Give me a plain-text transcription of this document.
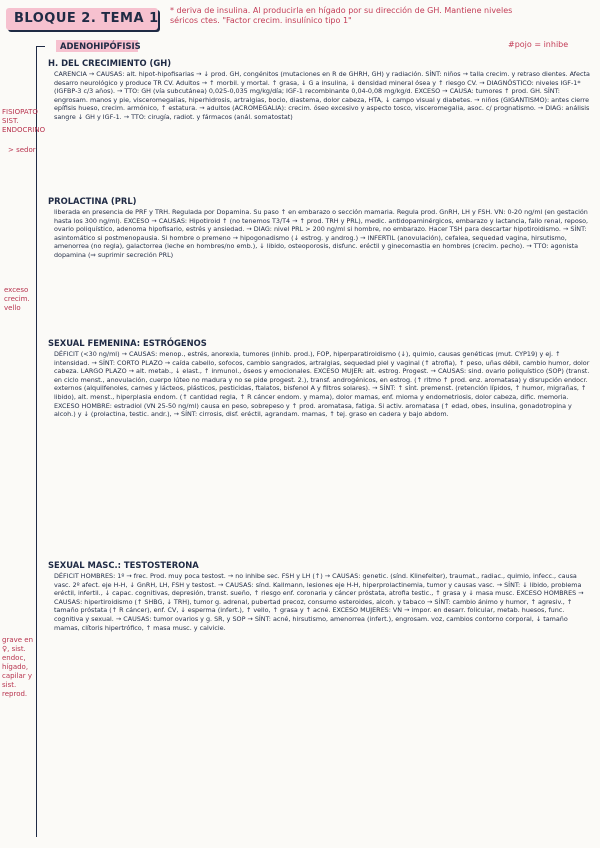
BLOQUE 2. TEMA 1
* deriva de insulina. Al producirla en hígado por su dirección de GH. Mantiene niveles séricos ctes. "Factor crecim. insulínico tipo 1"
#pojo = inhibe
ADENOHIPÓFISIS
FISIOPATO SIST. ENDOCRINO
> sedor
exceso crecim. vello
grave en ♀, sist. endoc, hígado, capilar y sist. reprod.
H. DEL CRECIMIENTO (GH)
CARENCIA → CAUSAS: alt. hipot-hipofisarias → ↓ prod. GH, congénitos (mutaciones en R de GHRH, GH) y radiación. SÍNT: niños → talla crecim. y retraso dientes. Afecta desarro neurológico y produce TR CV. Adultos → ↑ morbil. y mortal. ↑ grasa, ↓ G a insulina, ↓ densidad mineral ósea y ↑ riesgo CV. → DIAGNÓSTICO: niveles IGF-1* (IGFBP-3 c/3 años). → TTO: GH (vía subcutánea) 0,025-0,035 mg/kg/día; IGF-1 recombinante 0,04-0,08 mg/kg/d. EXCESO → CAUSA: tumores ↑ prod. GH. SÍNT: engrosam. manos y pie, visceromegalias, hiperhidrosis, artralgias, bocio, diastema, dolor cabeza, HTA, ↓ campo visual y diabetes. → niños (GIGANTISMO): antes cierre epífisis hueso, crecim. armónico, ↑ estatura. → adultos (ACROMEGALIA): crecim. óseo excesivo y aspecto tosco, visceromegalia, asoc. c/ prognatismo. → DIAG: análisis sangre ↓ GH y IGF-1. → TTO: cirugía, radiot. y fármacos (anál. somatostat)
PROLACTINA (PRL)
liberada en presencia de PRF y TRH. Regulada por Dopamina. Su paso ↑ en embarazo o sección mamaria. Regula prod. GnRH, LH y FSH. VN: 0-20 ng/ml (en gestación hasta los 300 ng/ml). EXCESO → CAUSAS: Hipotiroid ↑ (no tenemos T3/T4 → ↑ prod. TRH y PRL), medic. antidopaminérgicos, embarazo y lactancia, fallo renal, reposo, ovario poliquístico, adenoma hipofisario, estrés y ansiedad. → DIAG: nivel PRL > 200 ng/ml si hombre, no embarazo. Hacer TSH para descartar hipotiroidismo. → SÍNT: asintomático si postmenopausia. Si hombre o premeno → hipogonadismo (↓ estrog. y androg.) → INFERTIL (anovulación), cefalea, sequedad vagina, hirsutismo, amenorrea (no regla), galactorrea (leche en hombres/no emb.), ↓ libido, osteoporosis, disfunc. eréctil y ginecomastia en hombres (crecim. pecho). → TTO: agonista dopamina (⇒ suprimir secreción PRL)
SEXUAL FEMENINA: ESTRÓGENOS
DÉFICIT (<30 ng/ml) → CAUSAS: menop., estrés, anorexia, tumores (inhib. prod.), FOP, hiperparatiroidismo (↓), quimio, causas genéticas (mut. CYP19) y ej. ↑ intensidad. → SÍNT: CORTO PLAZO → caída cabello, sofocos, cambio sangrados, artralgias, sequedad piel y vaginal (↑ atrofia), ↑ peso, uñas débil, cambio humor, dolor cabeza. LARGO PLAZO → alt. metab., ↓ elast., ↑ inmunol., óseos y emocionales. EXCESO MUJER: alt. estrog. Progest. → CAUSAS: sind. ovario poliquístico (SOP) (transt. en ciclo menst., anovulación, cuerpo lúteo no madura y no se pide progest. 2.), transf. androgénicos, en estrog. (↑ ritmo ↑ prod. enz. aromatasa) y disrupción endocr. externos (alquilfenoles, carnes y lácteos, plásticos, pesticidas, ftalatos, bisfenol A y filtros solares). → SÍNT: ↑ sínt. premenst. (retención lípidos, ↑ humor, migrañas, ↑ libido), alt. menst., hiperplasia endom. (↑ cantidad regla, ↑ R cáncer endom. y mama), dolor mamas, enf. mioma y endometriosis, dolor cabeza, dific. memoria. EXCESO HOMBRE: estradiol (VN 25-50 ng/ml) causa en peso, sobrepeso y ↑ prod. aromatasa, fatiga. Si activ. aromatasa (↑ edad, obes, insulina, gonadotropina y alcoh.) y ↓ (prolactina, testic. andr.), → SÍNT: cirrosis, disf. eréctil, agrandam. mamas, ↑ tej. graso en cadera y bajo abdom.
SEXUAL MASC.: TESTOSTERONA
DÉFICIT HOMBRES: 1º → frec. Prod. muy poca testost. → no inhibe sec. FSH y LH (↑) → CAUSAS: genetic. (sínd. Klinefelter), traumat., radiac., quimio, infecc., causa vasc. 2º afect. eje H-H, ↓ GnRH, LH, FSH y testost. → CAUSAS: sínd. Kallmann, lesiones eje H-H, hiperprolactinemia, tumor y causas vasc. → SÍNT: ↓ libido, problema eréctil, infertil., ↓ capac. cognitivas, depresión, transt. sueño, ↑ riesgo enf. coronaria y cáncer próstata, atrofia testic., ↑ grasa y ↓ masa musc. EXCESO HOMBRES → CAUSAS: hipertiroidismo (↑ SHBG, ↓ TRH), tumor g. adrenal, pubertad precoz, consumo esteroides, alcoh. y tabaco → SÍNT: cambio ánimo y humor, ↑ agresiv., ↑ tamaño próstata (↑ R cáncer), enf. CV, ↓ esperma (infert.), ↑ vello, ↑ grasa y ↑ acné. EXCESO MUJERES: VN → impor. en desarr. folicular, metab. huesos, func. cognitiva y sexual. → CAUSAS: tumor ovarios y g. SR, y SOP → SÍNT: acné, hirsutismo, amenorrea (infert.), engrosam. voz, cambios contorno corporal, ↓ tamaño mamas, clítoris hipertrófico, ↑ masa musc. y calvicie.
